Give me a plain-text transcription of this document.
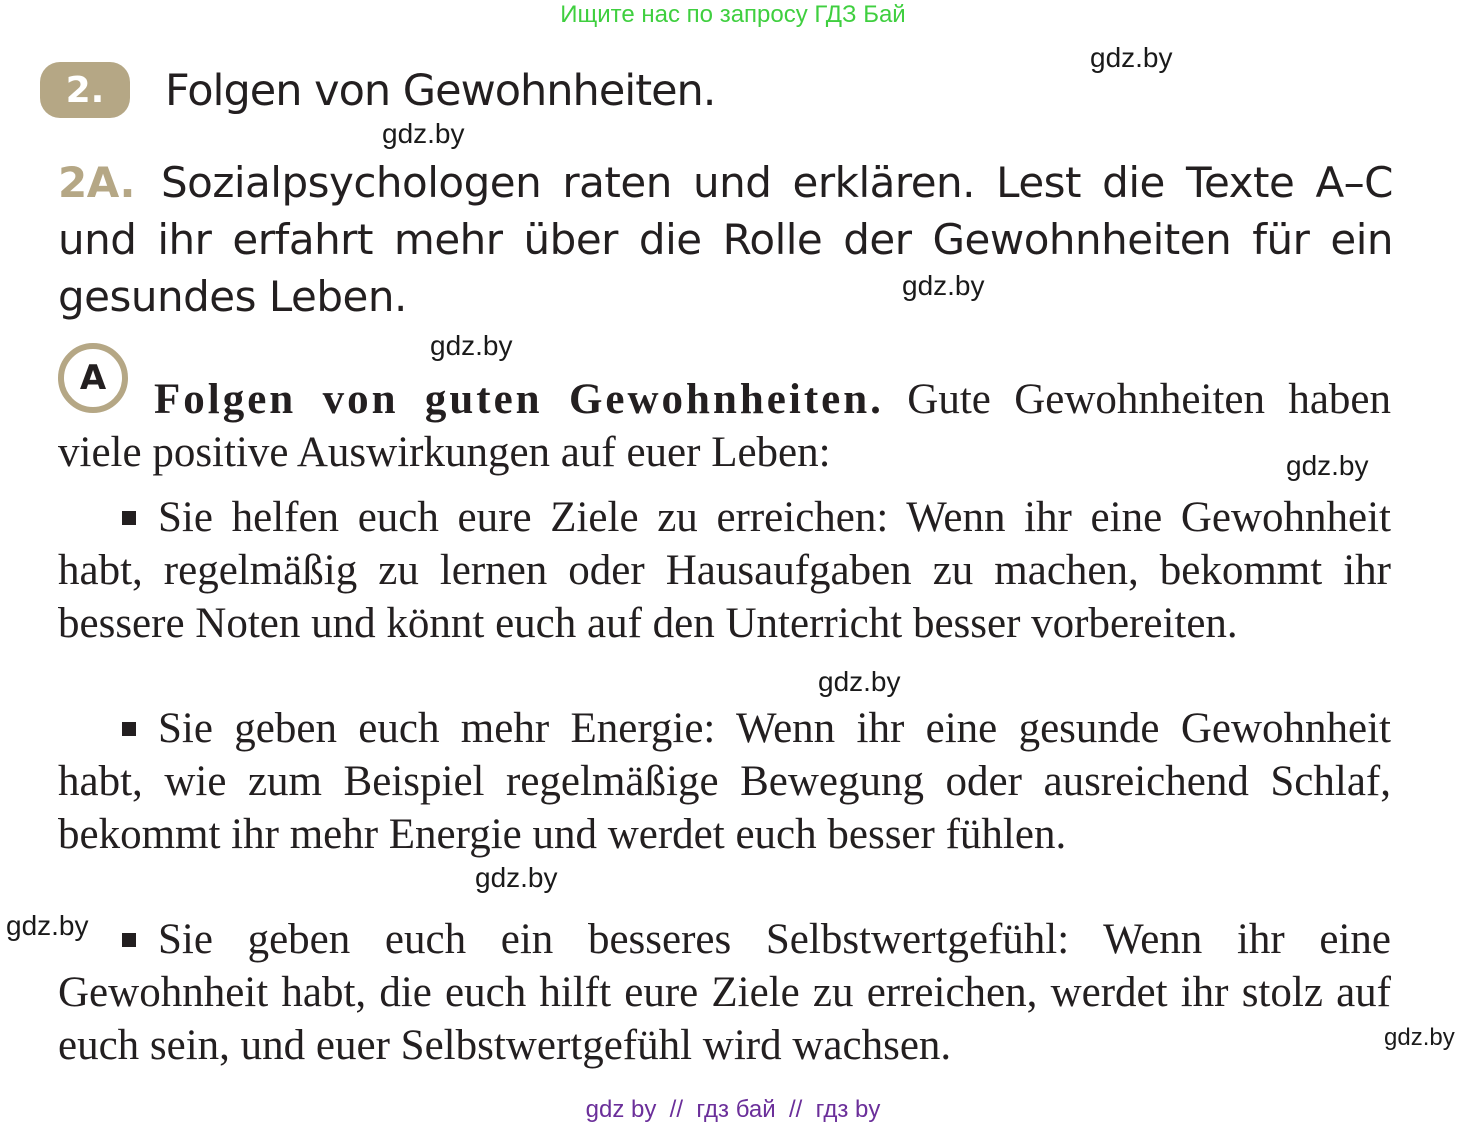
Ищите нас по запросу ГДЗ Бай
gdz.by
gdz.by
gdz.by
gdz.by
gdz.by
gdz.by
gdz.by
gdz.by
gdz.by
2.	Folgen von Gewohnheiten.
2A. Sozialpsychologen raten und erklären. Lest die Texte A–C und ihr erfahrt mehr über die Rolle der Gewohnheiten für ein gesundes Leben.
A	Folgen von guten Gewohnheiten. Gute Gewohnheiten haben viele positive Auswirkungen auf euer Leben:
Sie helfen euch eure Ziele zu erreichen: Wenn ihr eine Gewohnheit habt, regelmäßig zu lernen oder Hausaufgaben zu machen, bekommt ihr bessere Noten und könnt euch auf den Unterricht besser vorbereiten.
Sie geben euch mehr Energie: Wenn ihr eine gesunde Gewohnheit habt, wie zum Beispiel regelmäßige Bewegung oder ausreichend Schlaf, bekommt ihr mehr Energie und werdet euch besser fühlen.
Sie geben euch ein besseres Selbstwertgefühl: Wenn ihr eine Gewohnheit habt, die euch hilft eure Ziele zu erreichen, werdet ihr stolz auf euch sein, und euer Selbstwertgefühl wird wachsen.
gdz by  //  гдз бай  //  гдз by
